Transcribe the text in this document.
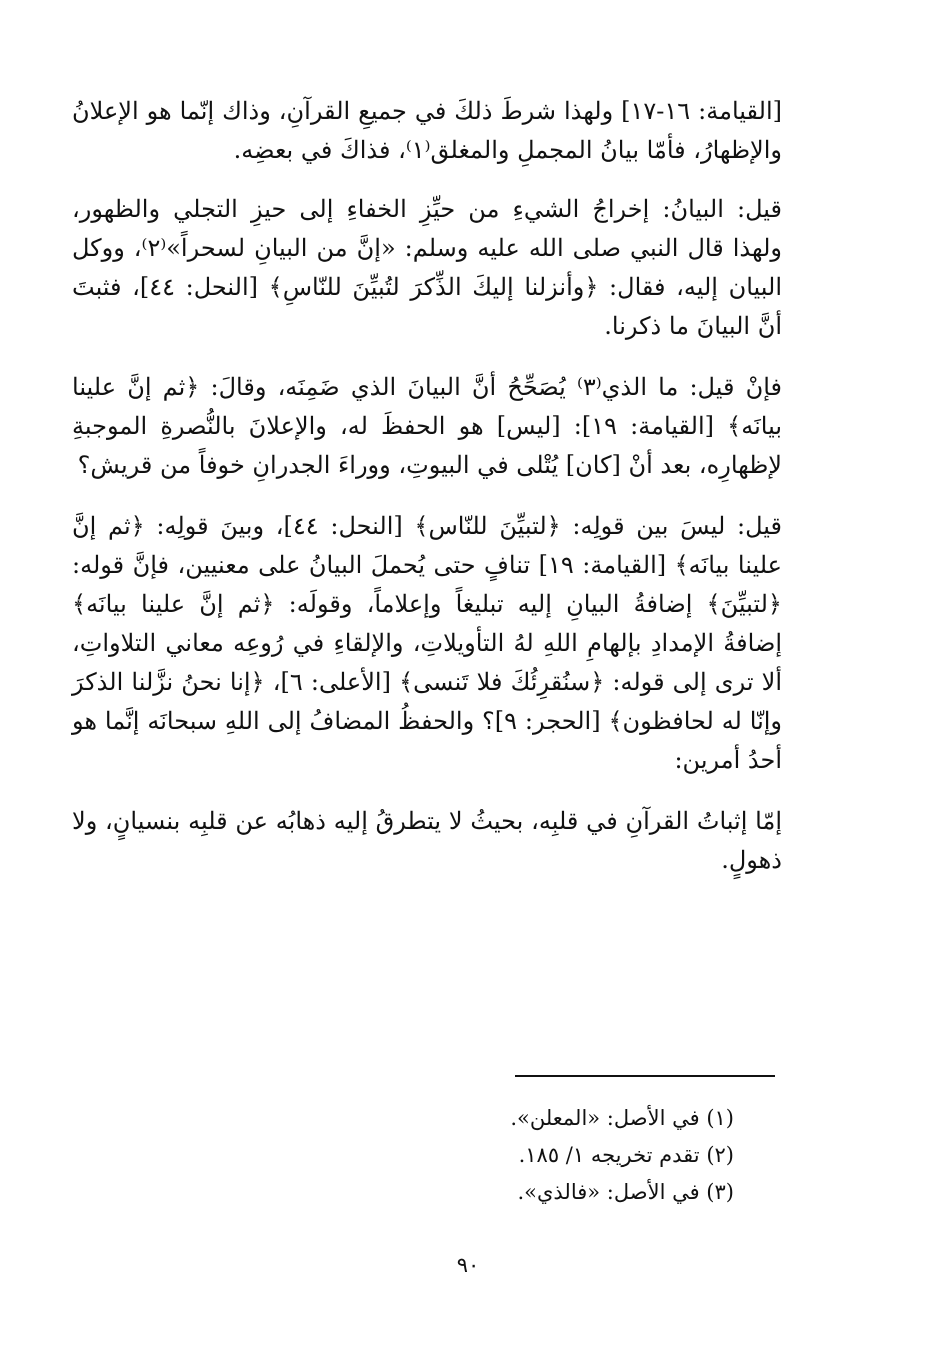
[القيامة: ١٦-١٧] ولهذا شرطَ ذلكَ في جميعِ القرآنِ، وذاك إنّما هو الإعلانُ والإظهارُ، فأمّا بيانُ المجملِ والمغلق⁽١⁾، فذاكَ في بعضِه.

قيل: البيانُ: إخراجُ الشيءِ من حيِّزِ الخفاءِ إلى حيزِ التجلي والظهور، ولهذا قال النبي صلى الله عليه وسلم: «إنَّ من البيانِ لسحراً»⁽٢⁾، ووكل البيان إليه، فقال: ﴿وأنزلنا إليكَ الذِّكرَ لتُبيِّنَ للنّاسِ﴾ [النحل: ٤٤]، فثبتَ أنَّ البيانَ ما ذكرنا.

فإنْ قيل: ما الذي⁽٣⁾ يُصَحِّحُ أنَّ البيانَ الذي ضَمِنَه، وقالَ: ﴿ثم إنَّ علينا بيانَه﴾ [القيامة: ١٩]: [ليس] هو الحفظَ له، والإعلانَ بالنُّصرةِ الموجبةِ لإظهارِه، بعد أنْ [كان] يُتْلى في البيوتِ، ووراءَ الجدرانِ خوفاً من قريش؟

قيل: ليسَ بين قولِه: ﴿لتبيِّنَ للنّاس﴾ [النحل: ٤٤]، وبينَ قولِه: ﴿ثم إنَّ علينا بيانَه﴾ [القيامة: ١٩] تنافٍ حتى يُحملَ البيانُ على معنيين، فإنَّ قوله: ﴿لتبيِّنَ﴾ إضافةُ البيانِ إليه تبليغاً وإعلاماً، وقولَه: ﴿ثم إنَّ علينا بيانَه﴾ إضافةُ الإمدادِ بإلهامِ اللهِ لهُ التأويلاتِ، والإلقاءِ في رُوعِه معاني التلاواتِ، ألا ترى إلى قوله: ﴿سنُقرِئُكَ فلا تَنسى﴾ [الأعلى: ٦]، ﴿إنا نحنُ نزَّلنا الذكرَ وإنّا له لحافظون﴾ [الحجر: ٩]؟ والحفظُ المضافُ إلى اللهِ سبحانَه إنَّما هو أحدُ أمرين:

إمّا إثباتُ القرآنِ في قلبِه، بحيثُ لا يتطرقُ إليه ذهابُه عن قلبِه بنسيانٍ، ولا ذهولٍ.

(١) في الأصل: «المعلن».

(٢) تقدم تخريجه ١/ ١٨٥.

(٣) في الأصل: «فالذي».

٩٠
